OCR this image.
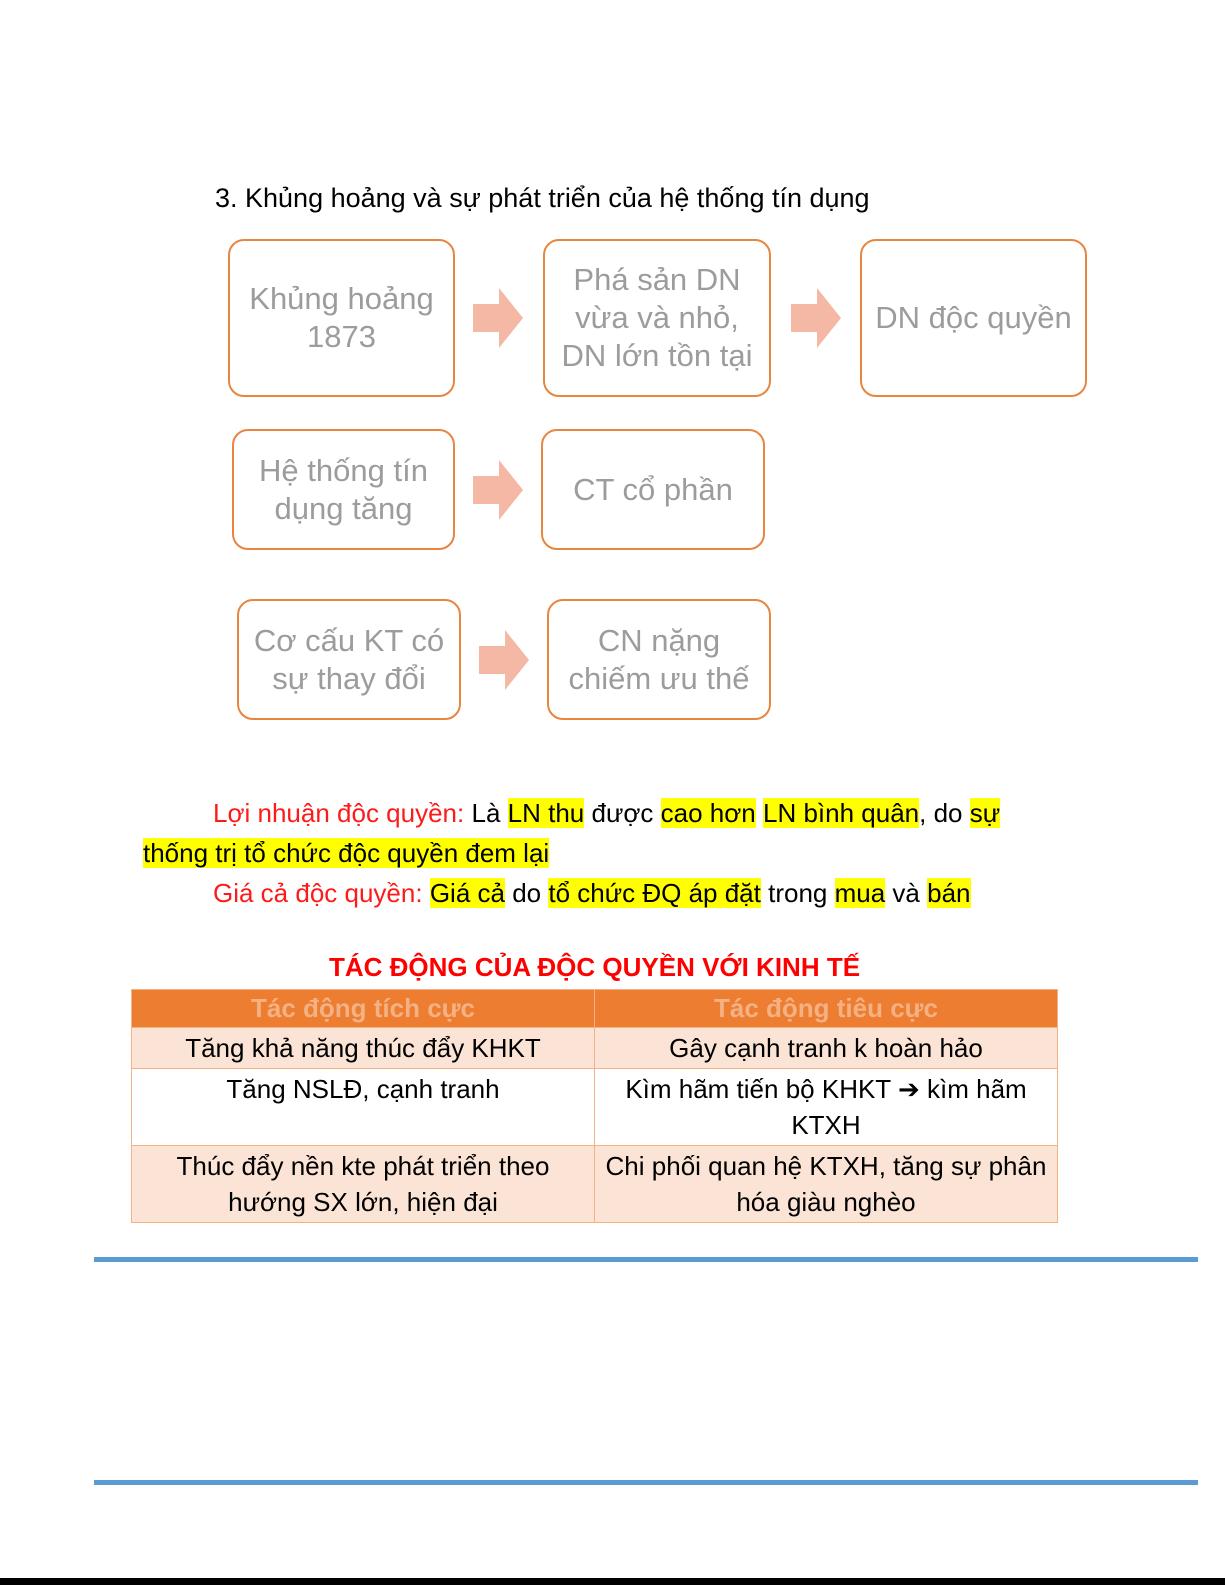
3. Khủng hoảng và sự phát triển của hệ thống tín dụng
Khủng hoảng 1873
Phá sản DN vừa và nhỏ, DN lớn tồn tại
DN độc quyền
Hệ thống tín dụng tăng
CT cổ phần
Cơ cấu KT có sự thay đổi
CN nặng chiếm ưu thế
Lợi nhuận độc quyền: Là LN thu được cao hơn LN bình quân, do sự
thống trị tổ chức độc quyền đem lại
Giá cả độc quyền: Giá cả do tổ chức ĐQ áp đặt trong mua và bán
TÁC ĐỘNG CỦA ĐỘC QUYỀN VỚI KINH TẾ
Tác động tích cực	Tác động tiêu cực
Tăng khả năng thúc đẩy KHKT	Gây cạnh tranh k hoàn hảo
Tăng NSLĐ, cạnh tranh	Kìm hãm tiến bộ KHKT ➔ kìm hãm KTXH
Thúc đẩy nền kte phát triển theo hướng SX lớn, hiện đại	Chi phối quan hệ KTXH, tăng sự phân hóa giàu nghèo
